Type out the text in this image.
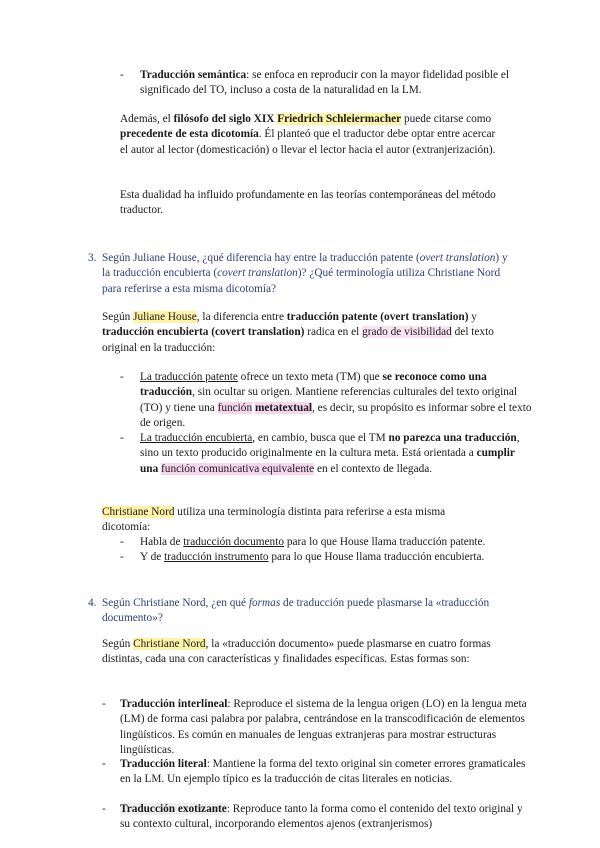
- Traducción semántica: se enfoca en reproducir con la mayor fidelidad posible el significado del TO, incluso a costa de la naturalidad en la LM.
Además, el filósofo del siglo XIX Friedrich Schleiermacher puede citarse como precedente de esta dicotomía. Él planteó que el traductor debe optar entre acercar el autor al lector (domesticación) o llevar el lector hacia el autor (extranjerización).
Esta dualidad ha influido profundamente en las teorías contemporáneas del método traductor.
3. Según Juliane House, ¿qué diferencia hay entre la traducción patente (overt translation) y la traducción encubierta (covert translation)? ¿Qué terminología utiliza Christiane Nord para referirse a esta misma dicotomía?
Según Juliane House, la diferencia entre traducción patente (overt translation) y traducción encubierta (covert translation) radica en el grado de visibilidad del texto original en la traducción:
- La traducción patente ofrece un texto meta (TM) que se reconoce como una traducción, sin ocultar su origen. Mantiene referencias culturales del texto original (TO) y tiene una función metatextual, es decir, su propósito es informar sobre el texto de origen.
- La traducción encubierta, en cambio, busca que el TM no parezca una traducción, sino un texto producido originalmente en la cultura meta. Está orientada a cumplir una función comunicativa equivalente en el contexto de llegada.
Christiane Nord utiliza una terminología distinta para referirse a esta misma dicotomía:
- Habla de traducción documento para lo que House llama traducción patente.
- Y de traducción instrumento para lo que House llama traducción encubierta.
4. Según Christiane Nord, ¿en qué formas de traducción puede plasmarse la «traducción documento»?
Según Christiane Nord, la «traducción documento» puede plasmarse en cuatro formas distintas, cada una con características y finalidades específicas. Estas formas son:
- Traducción interlineal: Reproduce el sistema de la lengua origen (LO) en la lengua meta (LM) de forma casi palabra por palabra, centrándose en la transcodificación de elementos lingüísticos. Es común en manuales de lenguas extranjeras para mostrar estructuras lingüísticas.
- Traducción literal: Mantiene la forma del texto original sin cometer errores gramaticales en la LM. Un ejemplo típico es la traducción de citas literales en noticias.
- Traducción exotizante: Reproduce tanto la forma como el contenido del texto original y su contexto cultural, incorporando elementos ajenos (extranjerismos)
